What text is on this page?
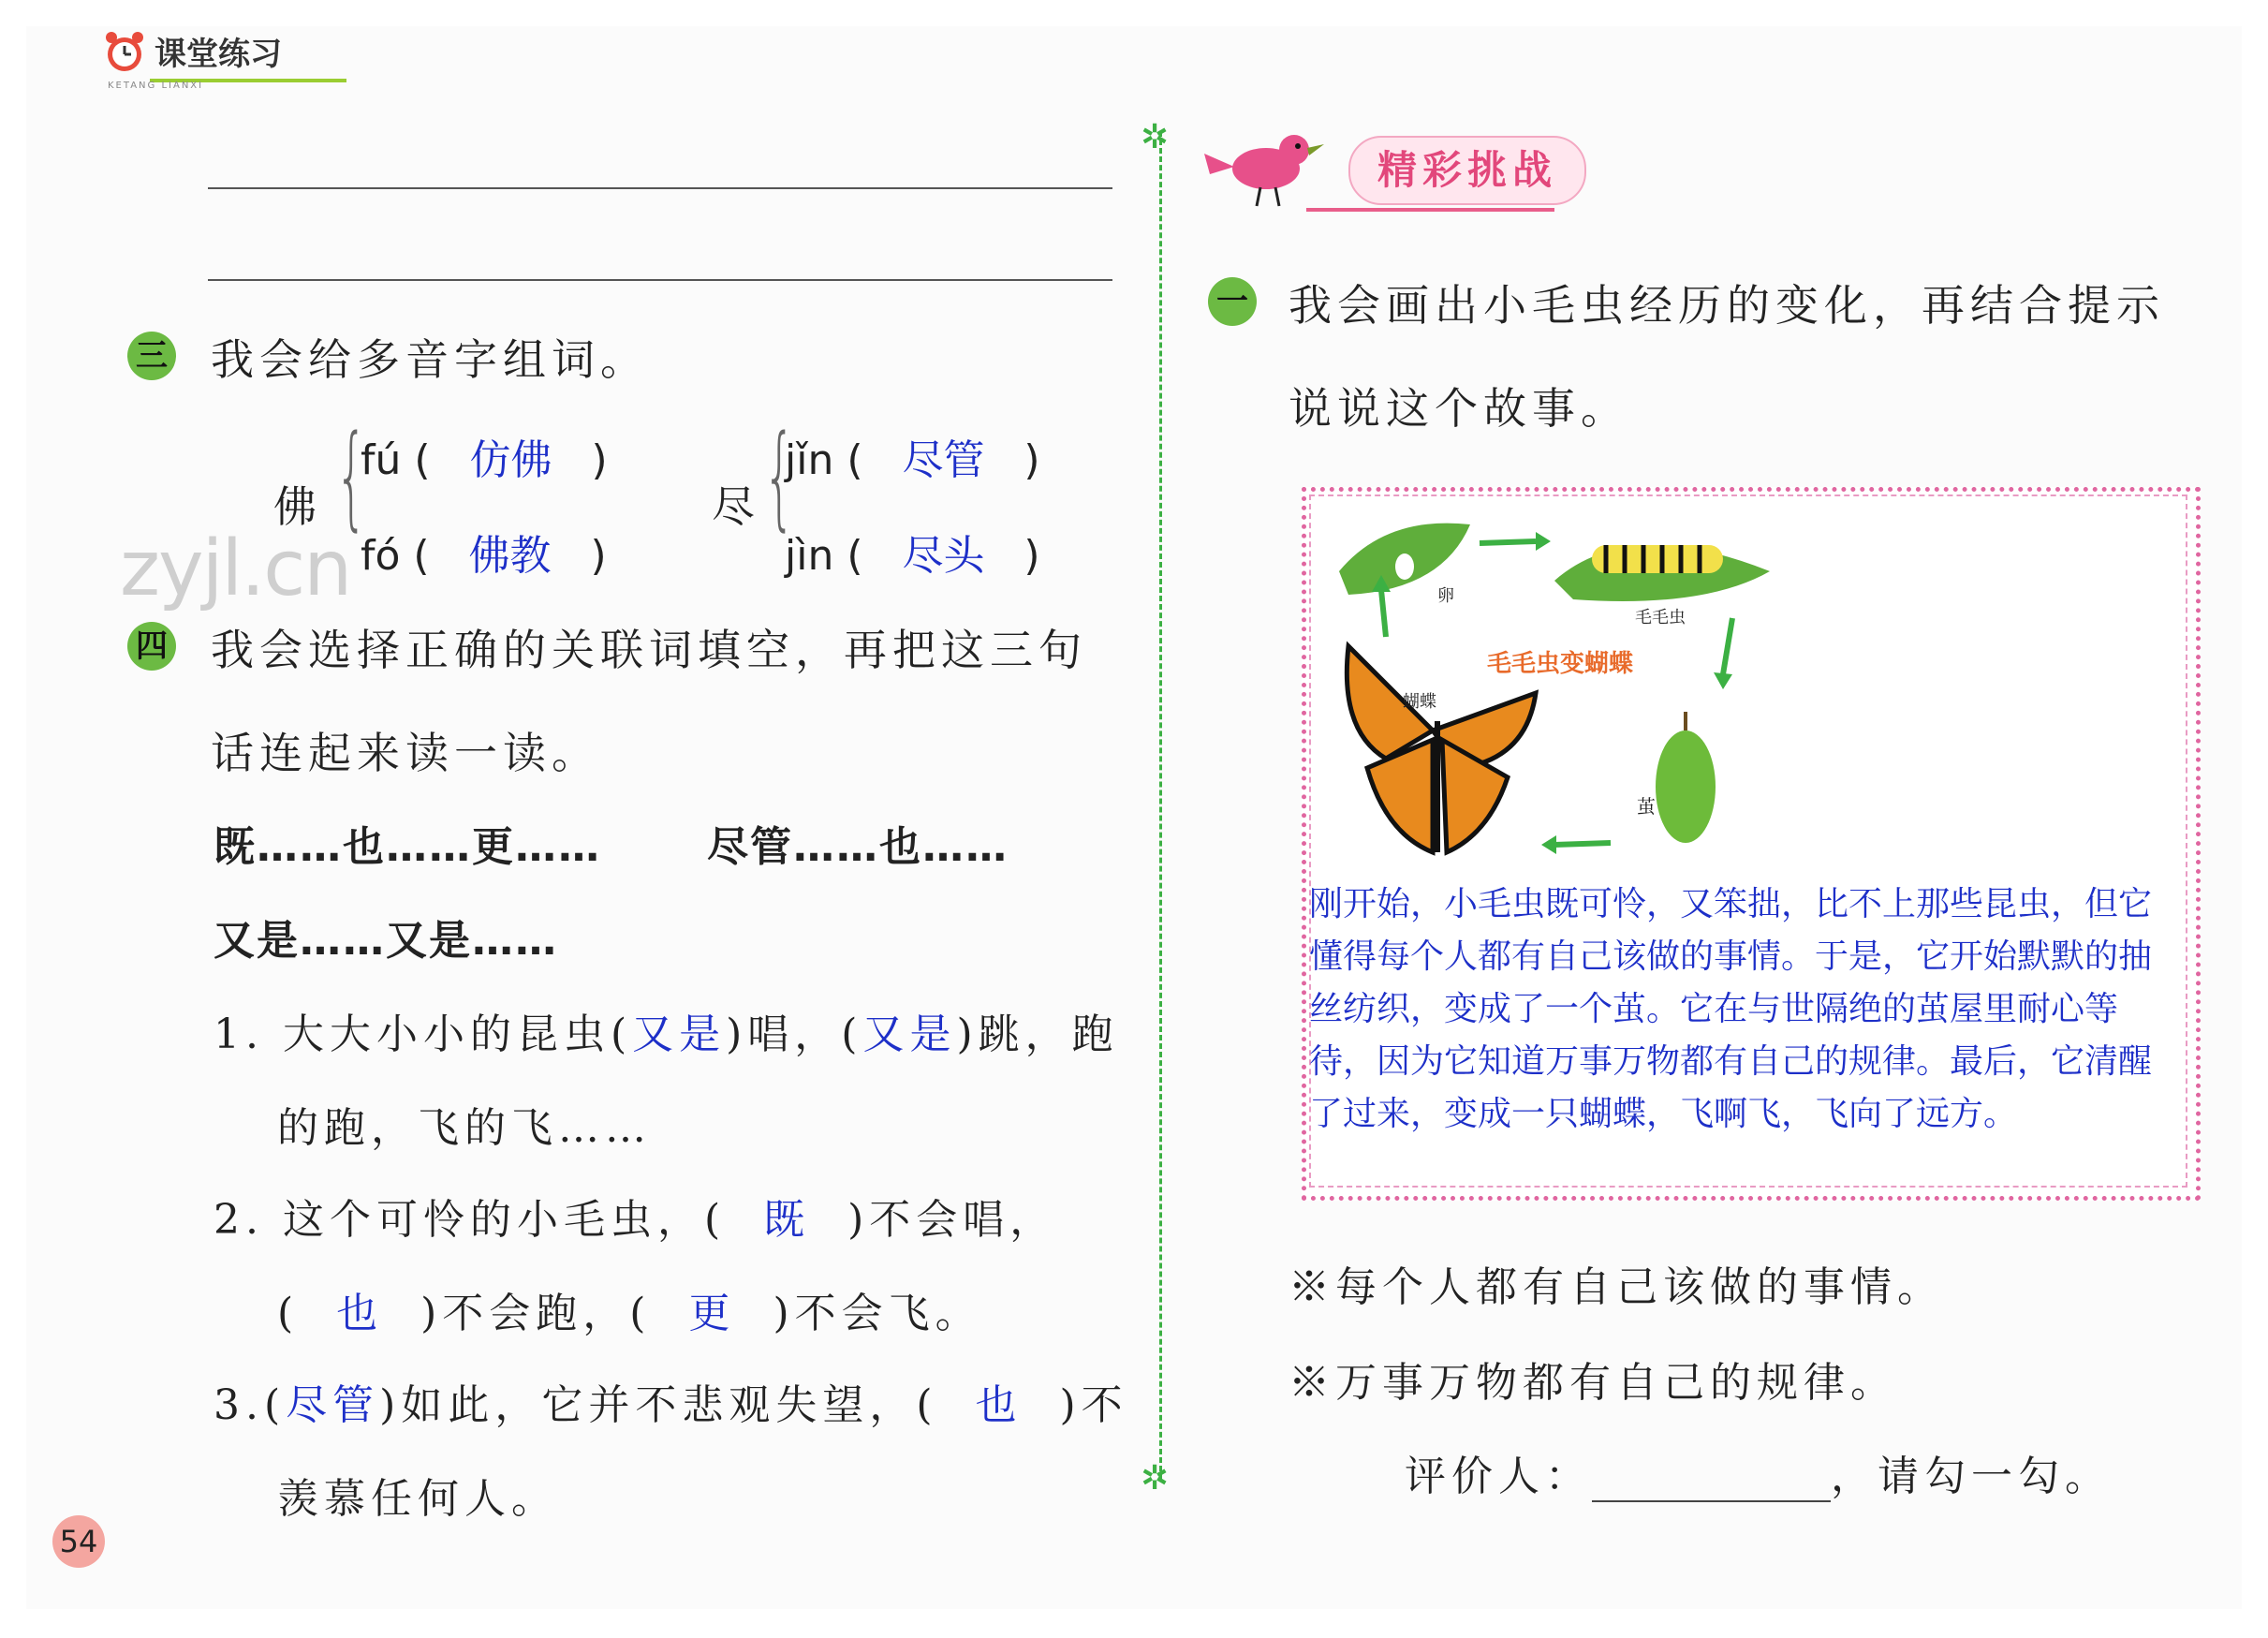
课堂练习
KETANG LIANXI
三 我会给多音字组词。
佛 {
fú (   仿佛   )
fó (   佛教   )
尽 {
jǐn (   尽管   )
jìn (   尽头   )
zyjl.cn
四 我会选择正确的关联词填空，再把这三句
话连起来读一读。
既……也……更……	尽管……也……
又是……又是……
1. 大大小小的昆虫(又是)唱，(又是)跳，跑
的跑，飞的飞……
2. 这个可怜的小毛虫，( 既 )不会唱，
( 也 )不会跑，( 更 )不会飞。
3.(尽管)如此，它并不悲观失望，( 也 )不
羡慕任何人。
54
✲
✲
精彩挑战
一 我会画出小毛虫经历的变化，再结合提示
说说这个故事。
卵
毛毛虫
毛毛虫变蝴蝶
蝴蝶
茧
刚开始，小毛虫既可怜，又笨拙，比不上那些昆虫，但它懂得每个人都有自己该做的事情。于是，它开始默默的抽丝纺织，变成了一个茧。它在与世隔绝的茧屋里耐心等待，因为它知道万事万物都有自己的规律。最后，它清醒了过来，变成一只蝴蝶，飞啊飞，飞向了远方。
※每个人都有自己该做的事情。
※万事万物都有自己的规律。
评价人：	，请勾一勾。
